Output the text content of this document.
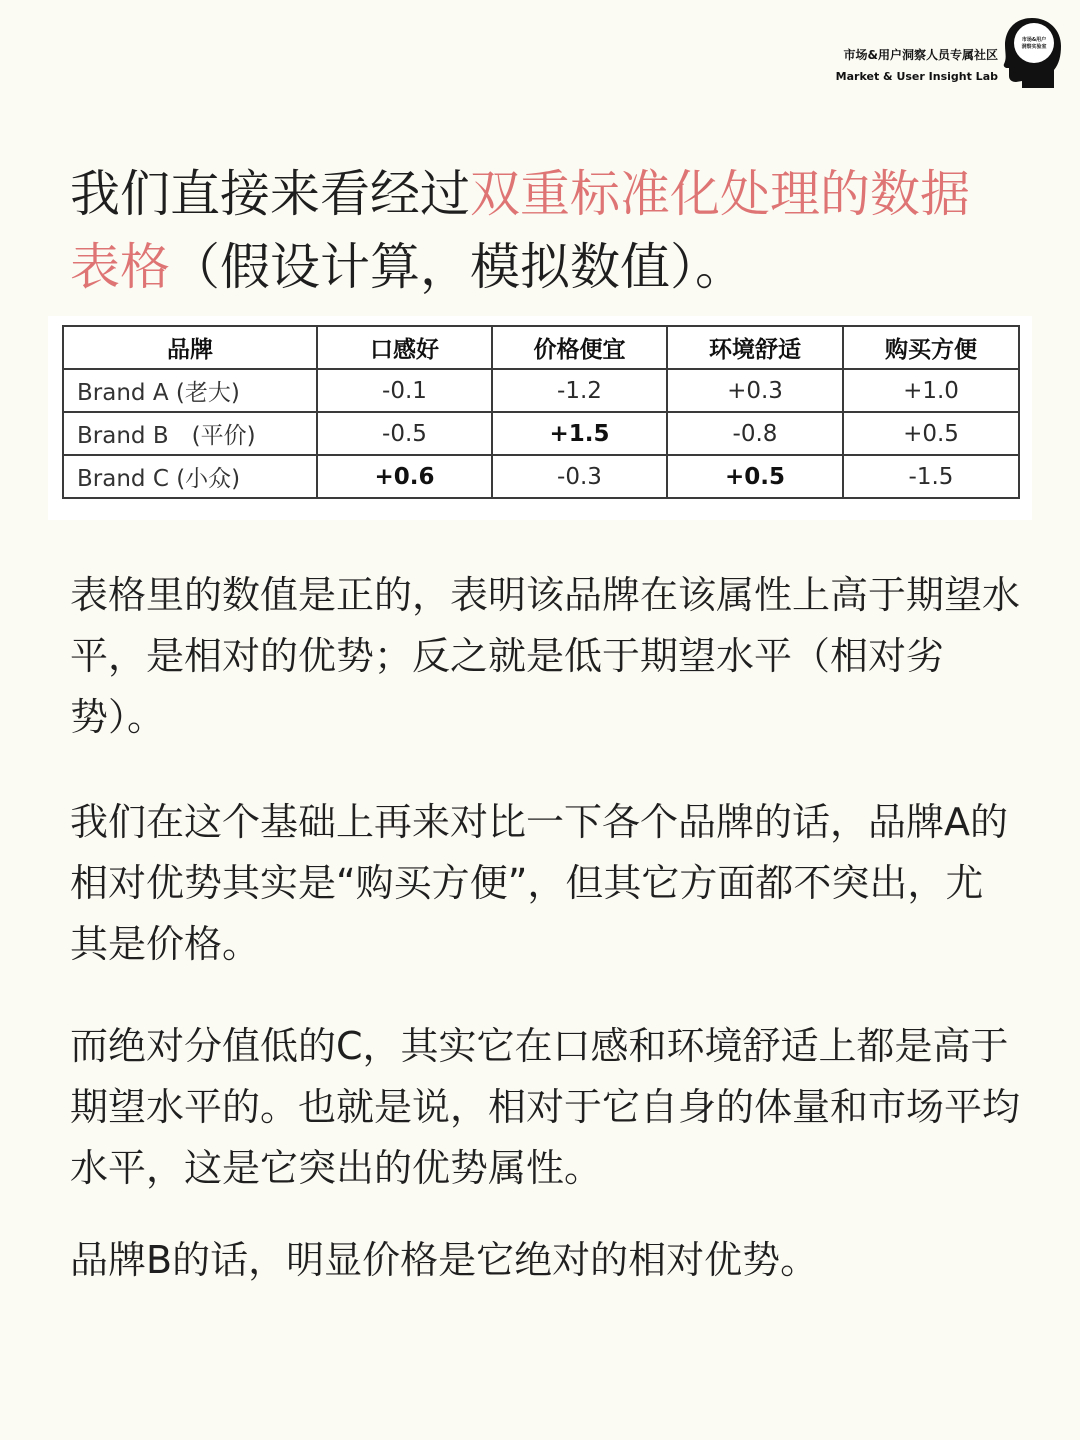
市场&用户洞察人员专属社区
Market & User Insight Lab
市场&用户
洞察实验室

我们直接来看经过双重标准化处理的数据
表格（假设计算，模拟数值）。

品牌	口感好	价格便宜	环境舒适	购买方便
Brand A (老大)	-0.1	-1.2	+0.3	+1.0
Brand B　(平价)	-0.5	+1.5	-0.8	+0.5
Brand C (小众)	+0.6	-0.3	+0.5	-1.5

表格里的数值是正的，表明该品牌在该属性上高于期望水平，是相对的优势；反之就是低于期望水平（相对劣势）。

我们在这个基础上再来对比一下各个品牌的话，品牌A的相对优势其实是“购买方便”，但其它方面都不突出，尤其是价格。

而绝对分值低的C，其实它在口感和环境舒适上都是高于期望水平的。也就是说，相对于它自身的体量和市场平均水平，这是它突出的优势属性。

品牌B的话，明显价格是它绝对的相对优势。
